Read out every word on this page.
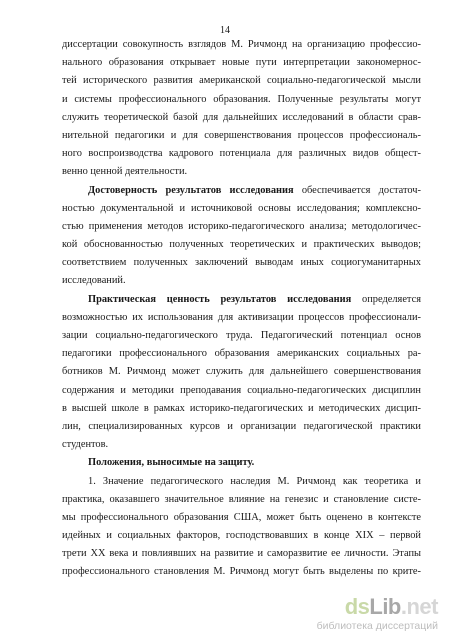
14
диссертации совокупность взглядов М. Ричмонд на организацию профессио-
нального образования открывает новые пути интерпретации закономернос-
тей исторического развития американской социально-педагогической мысли
и системы профессионального образования. Полученные результаты могут
служить теоретической базой для дальнейших исследований в области срав-
нительной педагогики и для совершенствования процессов профессиональ-
ного воспроизводства кадрового потенциала для различных видов общест-
венно ценной деятельности.
Достоверность результатов исследования обеспечивается достаточ-
ностью документальной и источниковой основы исследования; комплексно-
стью применения методов историко-педагогического анализа; методологичес-
кой обоснованностью полученных теоретических и практических выводов;
соответствием полученных заключений выводам иных социогуманитарных
исследований.
Практическая ценность результатов исследования определяется
возможностью их использования для активизации процессов профессионали-
зации социально-педагогического труда. Педагогический потенциал основ
педагогики профессионального образования американских социальных ра-
ботников М. Ричмонд может служить для дальнейшего совершенствования
содержания и методики преподавания социально-педагогических дисциплин
в высшей школе в рамках историко-педагогических и методических дисцип-
лин, специализированных курсов и организации педагогической практики
студентов.
Положения, выносимые на защиту.
1. Значение педагогического наследия М. Ричмонд как теоретика и
практика, оказавшего значительное влияние на генезис и становление систе-
мы профессионального образования США, может быть оценено в контексте
идейных и социальных факторов, господствовавших в конце XIX – первой
трети XX века и повлиявших на развитие и саморазвитие ее личности. Этапы
профессионального становления М. Ричмонд могут быть выделены по крите-
dsLib.net
библиотека диссертаций
